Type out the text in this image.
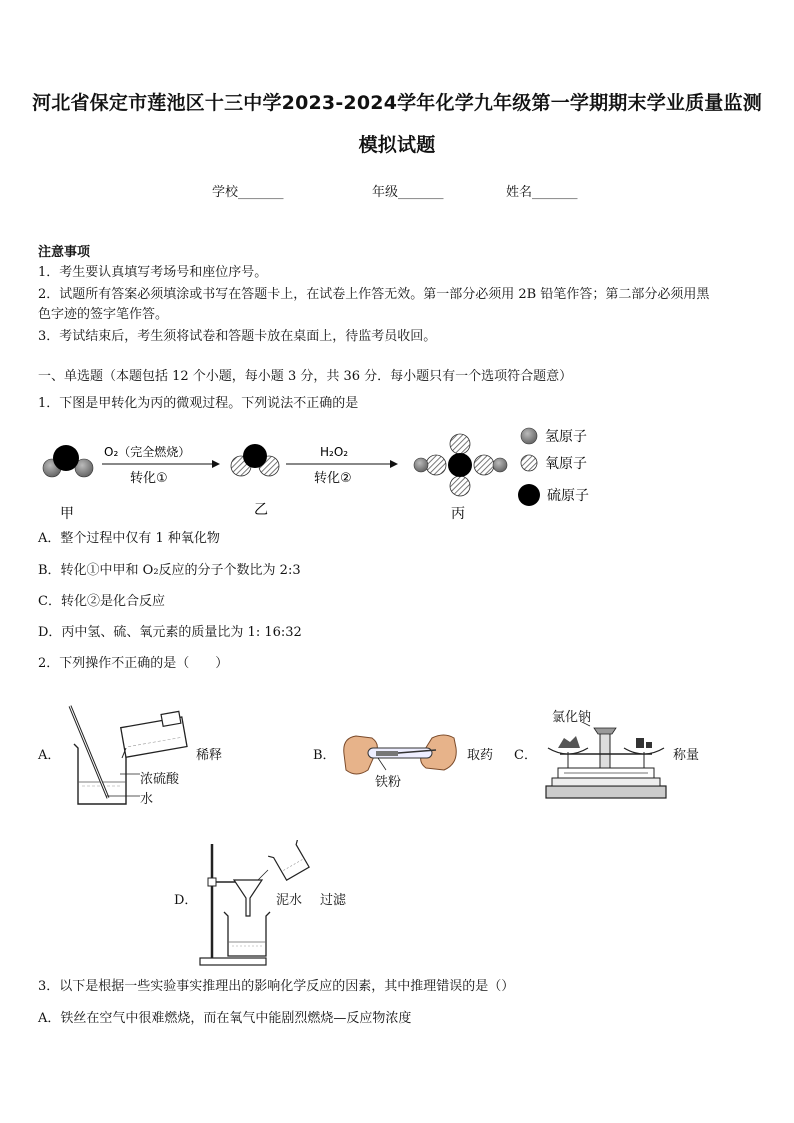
河北省保定市莲池区十三中学2023-2024学年化学九年级第一学期期末学业质量监测
模拟试题
学校_______	年级_______	姓名_______
注意事项
1．考生要认真填写考场号和座位序号。
2．试题所有答案必须填涂或书写在答题卡上，在试卷上作答无效。第一部分必须用 2B 铅笔作答；第二部分必须用黑
色字迹的签字笔作答。
3．考试结束后，考生须将试卷和答题卡放在桌面上，待监考员收回。
一、单选题（本题包括 12 个小题，每小题 3 分，共 36 分．每小题只有一个选项符合题意）
1．下图是甲转化为丙的微观过程。下列说法不正确的是
O₂（完全燃烧）
转化①
H₂O₂
转化②
甲	乙	丙
氢原子
氧原子
硫原子
A．整个过程中仅有 1 种氧化物
B．转化①中甲和 O₂反应的分子个数比为 2:3
C．转化②是化合反应
D．丙中氢、硫、氧元素的质量比为 1: 16:32
2．下列操作不正确的是（　　）
A．	稀释
浓硫酸
水
B．
铁粉
取药 C．
氯化钠
称量
D．	泥水 过滤
3．以下是根据一些实验事实推理出的影响化学反应的因素，其中推理错误的是（）
A．铁丝在空气中很难燃烧，而在氧气中能剧烈燃烧—反应物浓度
